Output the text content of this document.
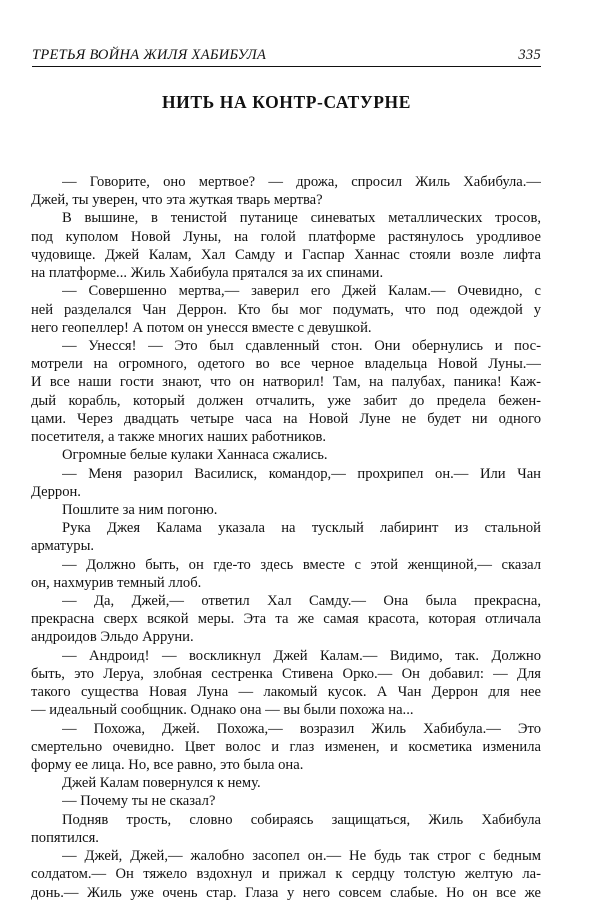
ТРЕТЬЯ ВОЙНА ЖИЛЯ ХАБИБУЛА	335
НИТЬ НА КОНТР-САТУРНЕ
— Говорите, оно мертвое? — дрожа, спросил Жиль Хабибула.—
Джей, ты уверен, что эта жуткая тварь мертва?
В вышине, в тенистой путанице синеватых металлических тросов,
под куполом Новой Луны, на голой платформе растянулось уродливое
чудовище. Джей Калам, Хал Самду и Гаспар Ханнас стояли возле лифта
на платформе... Жиль Хабибула прятался за их спинами.
— Совершенно мертва,— заверил его Джей Калам.— Очевидно, с
ней разделался Чан Деррон. Кто бы мог подумать, что под одеждой у
него геопеллер! А потом он унесся вместе с девушкой.
— Унесся! — Это был сдавленный стон. Они обернулись и пос-
мотрели на огромного, одетого во все черное владельца Новой Луны.—
И все наши гости знают, что он натворил! Там, на палубах, паника! Каж-
дый корабль, который должен отчалить, уже забит до предела бежен-
цами. Через двадцать четыре часа на Новой Луне не будет ни одного
посетителя, а также многих наших работников.
Огромные белые кулаки Ханнаса сжались.
— Меня разорил Василиск, командор,— прохрипел он.— Или Чан
Деррон.
Пошлите за ним погоню.
Рука Джея Калама указала на тусклый лабиринт из стальной
арматуры.
— Должно быть, он где-то здесь вместе с этой женщиной,— сказал
он, нахмурив темный ллоб.
— Да, Джей,— ответил Хал Самду.— Она была прекрасна,
прекрасна сверх всякой меры. Эта та же самая красота, которая отличала
андроидов Эльдо Арруни.
— Андроид! — воскликнул Джей Калам.— Видимо, так. Должно
быть, это Леруа, злобная сестренка Стивена Орко.— Он добавил: — Для
такого существа Новая Луна — лакомый кусок. А Чан Деррон для нее
— идеальный сообщник. Однако она — вы были похожа на...
— Похожа, Джей. Похожа,— возразил Жиль Хабибула.— Это
смертельно очевидно. Цвет волос и глаз изменен, и косметика изменила
форму ее лица. Но, все равно, это была она.
Джей Калам повернулся к нему.
— Почему ты не сказал?
Подняв трость, словно собираясь защищаться, Жиль Хабибула
попятился.
— Джей, Джей,— жалобно засопел он.— Не будь так строг с бедным
солдатом.— Он тяжело вздохнул и прижал к сердцу толстую желтую ла-
донь.— Жиль уже очень стар. Глаза у него совсем слабые. Но он все же
